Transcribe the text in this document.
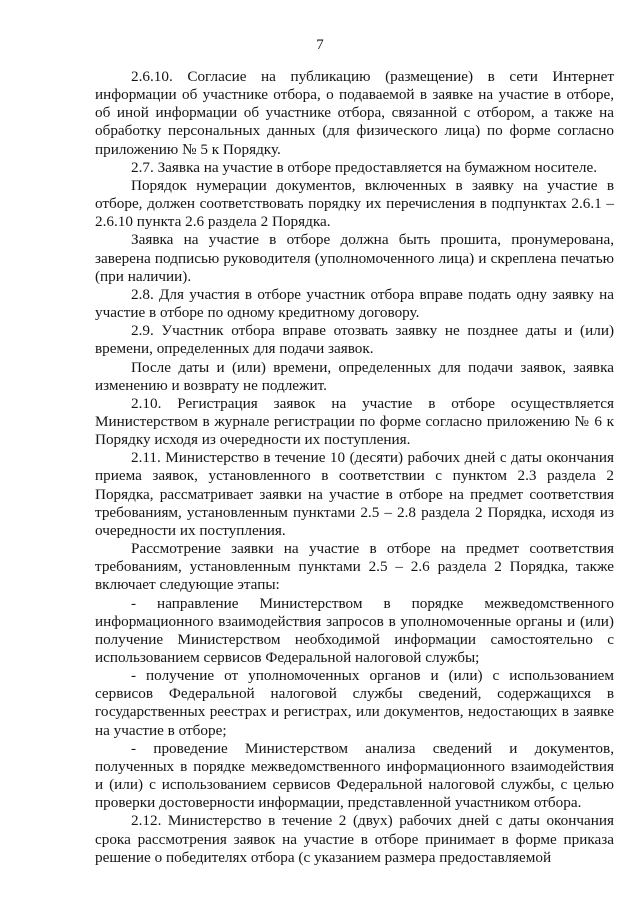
7

2.6.10. Согласие на публикацию (размещение) в сети Интернет информации об участнике отбора, о подаваемой в заявке на участие в отборе, об иной информации об участнике отбора, связанной с отбором, а также на обработку персональных данных (для физического лица) по форме согласно приложению № 5 к Порядку.

2.7. Заявка на участие в отборе предоставляется на бумажном носителе.

Порядок нумерации документов, включенных в заявку на участие в отборе, должен соответствовать порядку их перечисления в подпунктах 2.6.1 – 2.6.10 пункта 2.6 раздела 2 Порядка.

Заявка на участие в отборе должна быть прошита, пронумерована, заверена подписью руководителя (уполномоченного лица) и скреплена печатью (при наличии).

2.8. Для участия в отборе участник отбора вправе подать одну заявку на участие в отборе по одному кредитному договору.

2.9. Участник отбора вправе отозвать заявку не позднее даты и (или) времени, определенных для подачи заявок.

После даты и (или) времени, определенных для подачи заявок, заявка изменению и возврату не подлежит.

2.10. Регистрация заявок на участие в отборе осуществляется Министерством в журнале регистрации по форме согласно приложению № 6 к Порядку исходя из очередности их поступления.

2.11. Министерство в течение 10 (десяти) рабочих дней с даты окончания приема заявок, установленного в соответствии с пунктом 2.3 раздела 2 Порядка, рассматривает заявки на участие в отборе на предмет соответствия требованиям, установленным пунктами 2.5 – 2.8 раздела 2 Порядка, исходя из очередности их поступления.

Рассмотрение заявки на участие в отборе на предмет соответствия требованиям, установленным пунктами 2.5 – 2.6 раздела 2 Порядка, также включает следующие этапы:

- направление Министерством в порядке межведомственного информационного взаимодействия запросов в уполномоченные органы и (или) получение Министерством необходимой информации самостоятельно с использованием сервисов Федеральной налоговой службы;

- получение от уполномоченных органов и (или) с использованием сервисов Федеральной налоговой службы сведений, содержащихся в государственных реестрах и регистрах, или документов, недостающих в заявке на участие в отборе;

- проведение Министерством анализа сведений и документов, полученных в порядке межведомственного информационного взаимодействия и (или) с использованием сервисов Федеральной налоговой службы, с целью проверки достоверности информации, представленной участником отбора.

2.12. Министерство в течение 2 (двух) рабочих дней с даты окончания срока рассмотрения заявок на участие в отборе принимает в форме приказа решение о победителях отбора (с указанием размера предоставляемой
